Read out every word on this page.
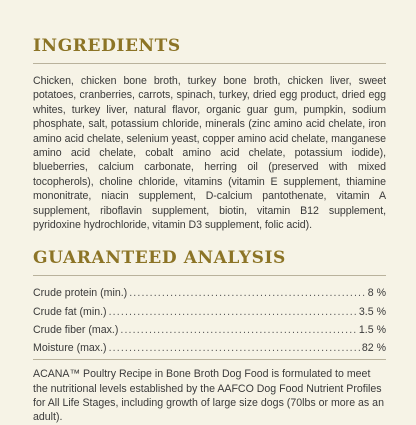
INGREDIENTS

Chicken, chicken bone broth, turkey bone broth, chicken liver, sweet potatoes, cranberries, carrots, spinach, turkey, dried egg product, dried egg whites, turkey liver, natural flavor, organic guar gum, pumpkin, sodium phosphate, salt, potassium chloride, minerals (zinc amino acid chelate, iron amino acid chelate, selenium yeast, copper amino acid chelate, manganese amino acid chelate, cobalt amino acid chelate, potassium iodide), blueberries, calcium carbonate, herring oil (preserved with mixed tocopherols), choline chloride, vitamins (vitamin E supplement, thiamine mononitrate, niacin supplement, D-calcium pantothenate, vitamin A supplement, riboflavin supplement, biotin, vitamin B12 supplement, pyridoxine hydrochloride, vitamin D3 supplement, folic acid).

GUARANTEED ANALYSIS
Crude protein (min.) . . .	8 %
Crude fat (min.) . . .	3.5 %
Crude fiber (max.) . . .	1.5 %
Moisture (max.) . . .	82 %

ACANA™ Poultry Recipe in Bone Broth Dog Food is formulated to meet the nutritional levels established by the AAFCO Dog Food Nutrient Profiles for All Life Stages, including growth of large size dogs (70lbs or more as an adult).
